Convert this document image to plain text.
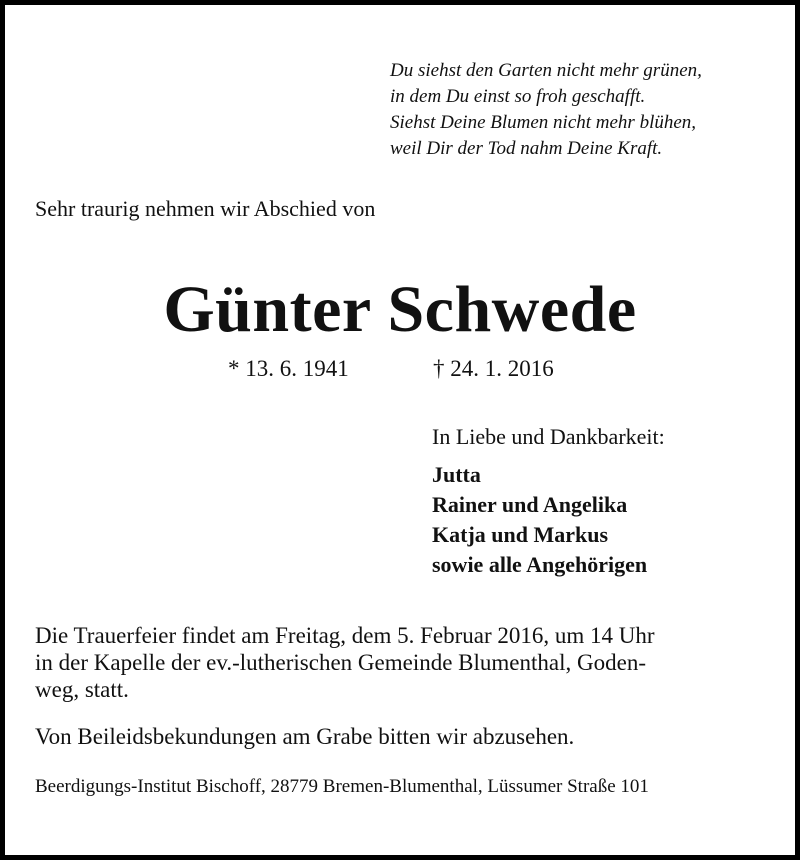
Du siehst den Garten nicht mehr grünen,
in dem Du einst so froh geschafft.
Siehst Deine Blumen nicht mehr blühen,
weil Dir der Tod nahm Deine Kraft.
Sehr traurig nehmen wir Abschied von
Günter Schwede
* 13. 6. 1941	† 24. 1. 2016
In Liebe und Dankbarkeit:
Jutta
Rainer und Angelika
Katja und Markus
sowie alle Angehörigen
Die Trauerfeier findet am Freitag, dem 5. Februar 2016, um 14 Uhr
in der Kapelle der ev.-lutherischen Gemeinde Blumenthal, Goden-
weg, statt.
Von Beileidsbekundungen am Grabe bitten wir abzusehen.
Beerdigungs-Institut Bischoff, 28779 Bremen-Blumenthal, Lüssumer Straße 101
